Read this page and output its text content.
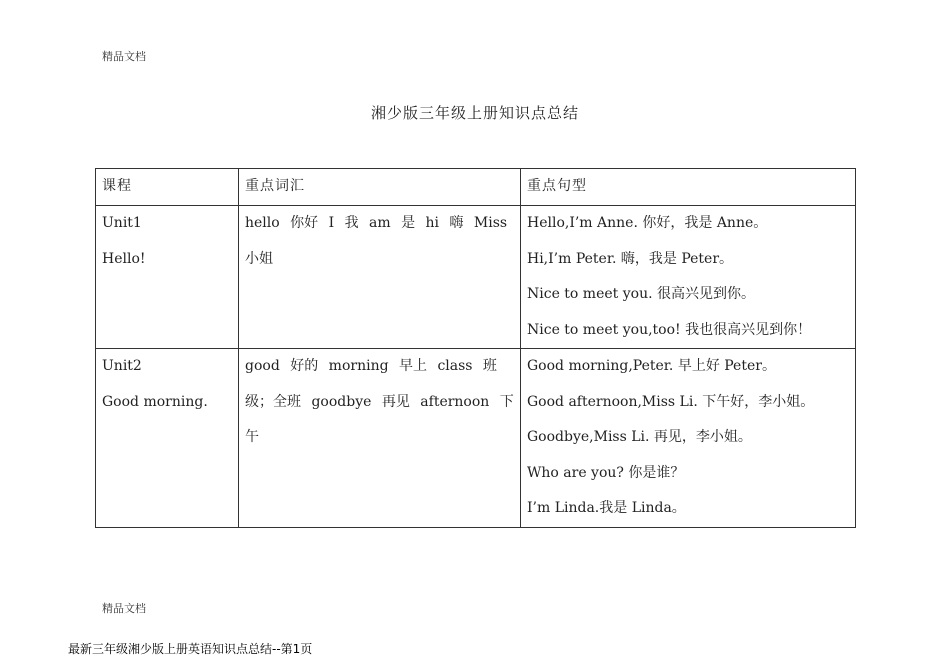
精品文档
湘少版三年级上册知识点总结
课程	重点词汇	重点句型

Unit1
Hello!	hello 你好 I 我 am 是 hi 嗨 Miss 小姐	Hello,I’m Anne. 你好，我是 Anne。
Hi,I’m Peter. 嗨，我是 Peter。
Nice to meet you. 很高兴见到你。
Nice to meet you,too! 我也很高兴见到你！

Unit2
Good morning.	good 好的 morning 早上 class 班级；全班 goodbye 再见 afternoon 下午	Good morning,Peter. 早上好 Peter。
Good afternoon,Miss Li. 下午好，李小姐。
Goodbye,Miss Li. 再见，李小姐。
Who are you? 你是谁？
I’m Linda.我是 Linda。
精品文档
最新三年级湘少版上册英语知识点总结--第1页
